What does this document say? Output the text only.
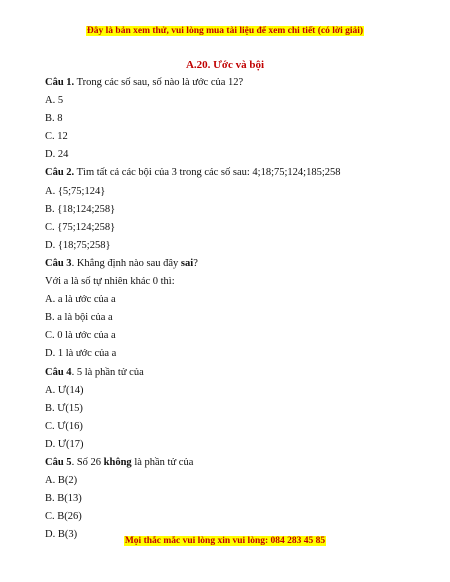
Đây là bản xem thử, vui lòng mua tài liệu để xem chi tiết (có lời giải)
A.20. Ước và bội
Câu 1. Trong các số sau, số nào là ước của 12?
A. 5
B. 8
C. 12
D. 24
Câu 2. Tìm tất cả các bội của 3 trong các số sau: 4;18;75;124;185;258
A. {5;75;124}
B. {18;124;258}
C. {75;124;258}
D. {18;75;258}
Câu 3. Khẳng định nào sau đây sai?
Với a là số tự nhiên khác 0 thì:
A. a là ước của a
B. a là bội của a
C. 0 là ước của a
D. 1 là ước của a
Câu 4. 5 là phần tử của
A. Ư(14)
B. Ư(15)
C. Ư(16)
D. Ư(17)
Câu 5. Số 26 không là phần tử của
A. B(2)
B. B(13)
C. B(26)
D. B(3)
Mọi thắc mắc vui lòng xin vui lòng: 084 283 45 85
